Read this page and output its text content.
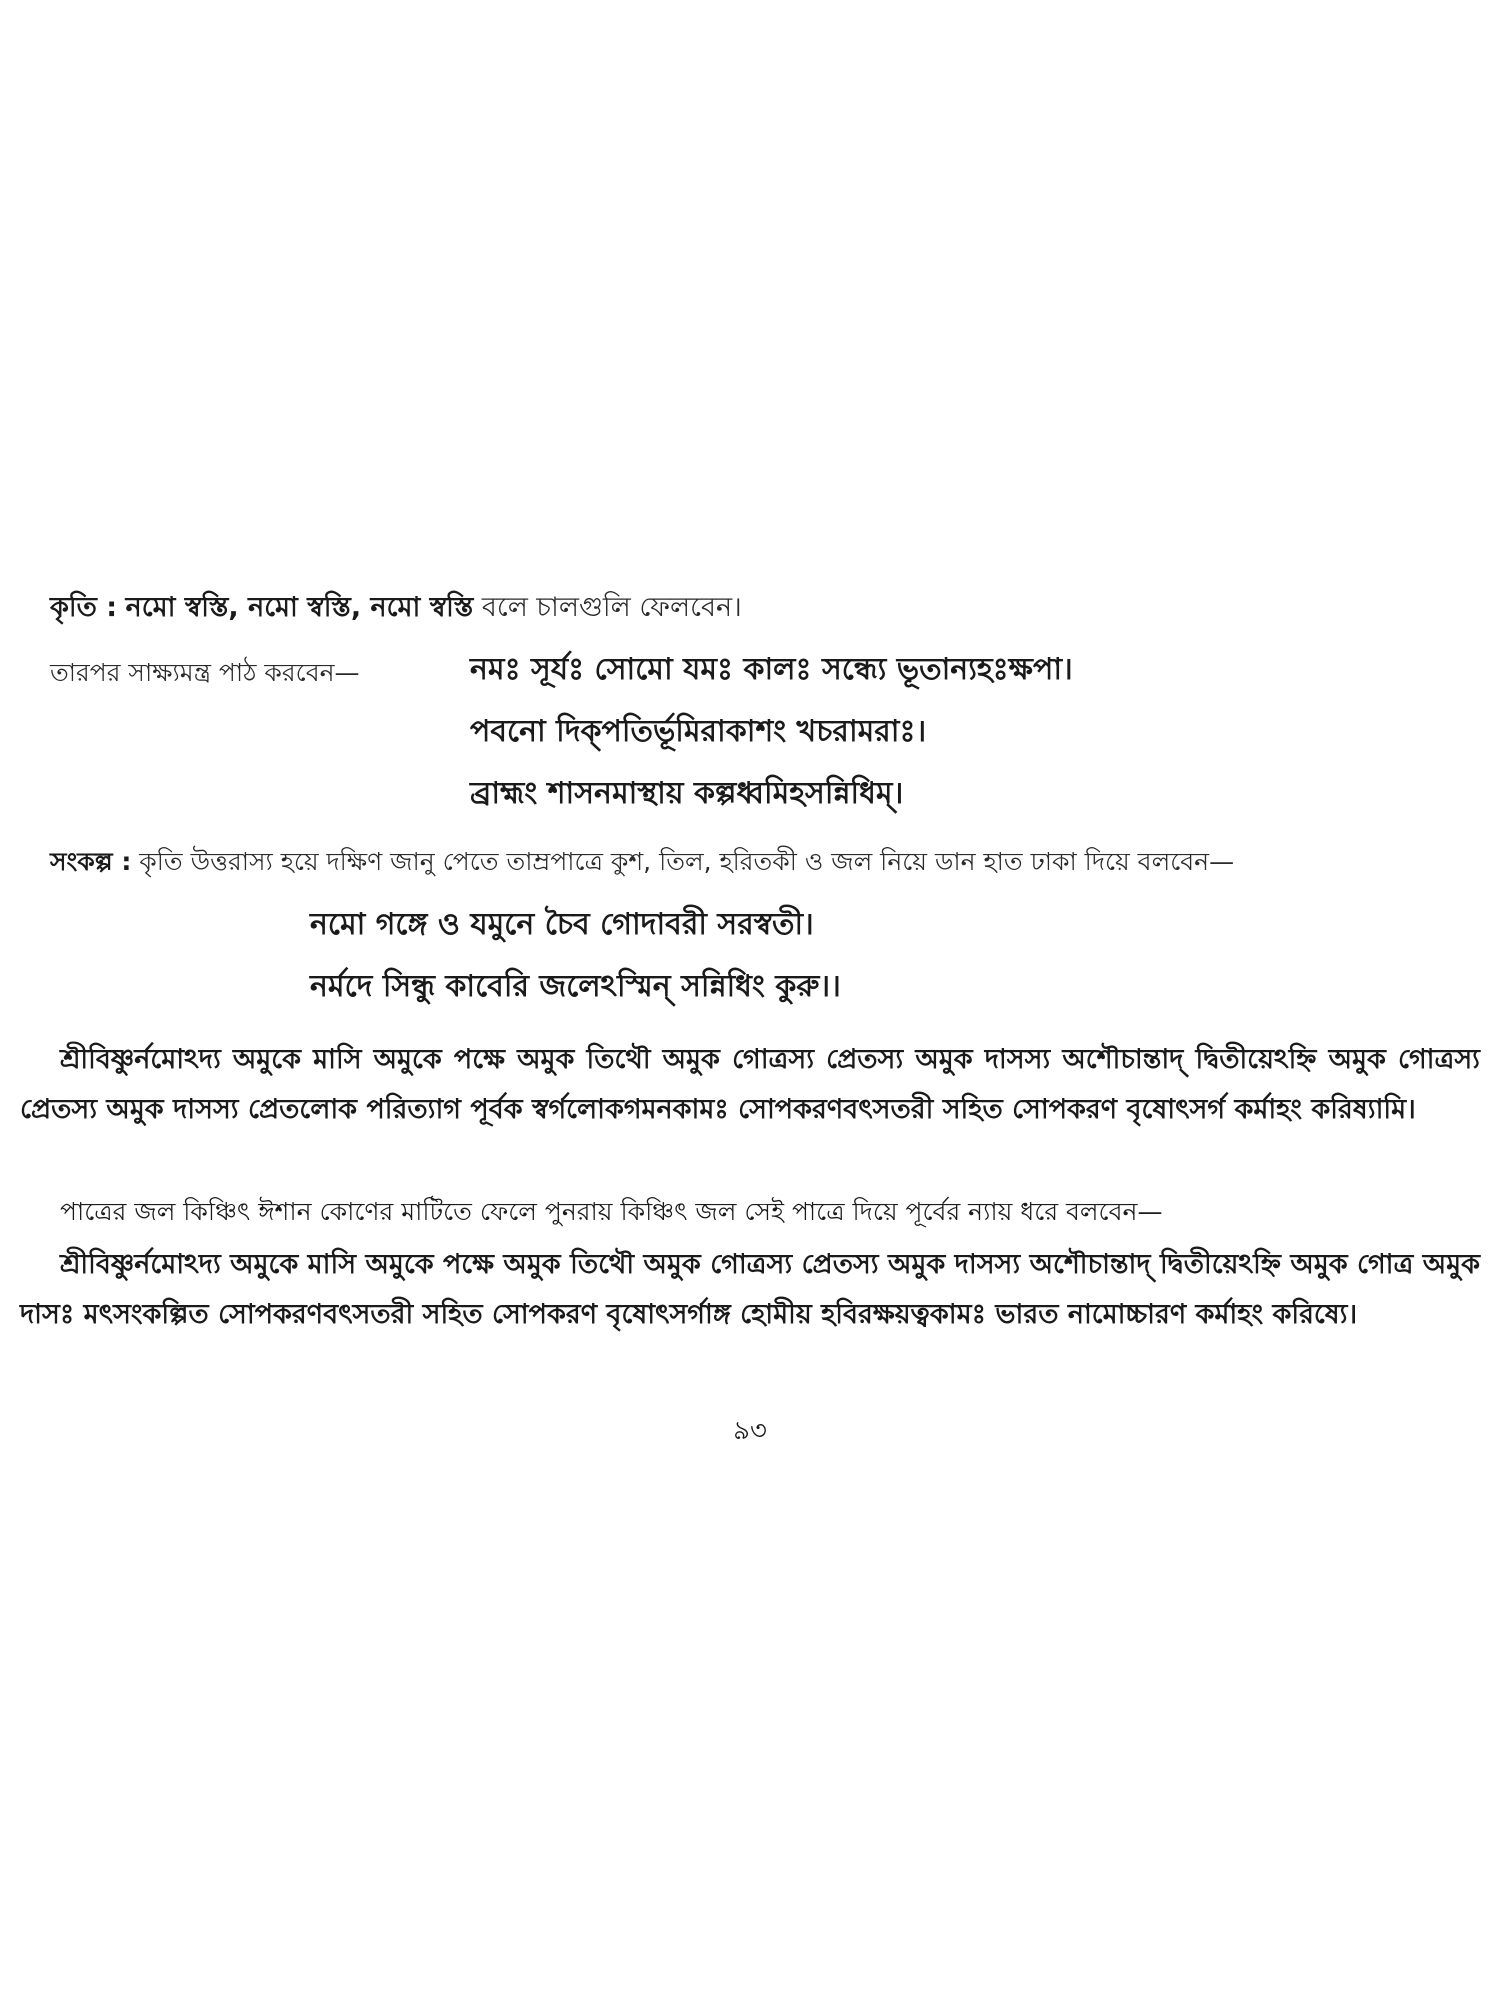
কৃতি : নমো স্বস্তি, নমো স্বস্তি, নমো স্বস্তি বলে চালগুলি ফেলবেন।
তারপর সাক্ষ্যমন্ত্র পাঠ করবেন—	নমঃ সূর্যঃ সোমো যমঃ কালঃ সন্ধ্যে ভূতান্যহঃক্ষপা।
পবনো দিক্‌পতির্ভূমিরাকাশং খচরামরাঃ।
ব্রাহ্মং শাসনমাস্থায় কল্পধ্বমিহসন্নিধিম্‌।
সংকল্প : কৃতি উত্তরাস্য হয়ে দক্ষিণ জানু পেতে তাম্রপাত্রে কুশ, তিল, হরিতকী ও জল নিয়ে ডান হাত ঢাকা দিয়ে বলবেন—
নমো গঙ্গে ও যমুনে চৈব গোদাবরী সরস্বতী।
নর্মদে সিন্ধু কাবেরি জলেঽস্মিন্‌ সন্নিধিং কুরু।।
শ্রীবিষ্ণুর্নমোঽদ্য অমুকে মাসি অমুকে পক্ষে অমুক তিথৌ অমুক গোত্রস্য প্রেতস্য অমুক দাসস্য অশৌচান্তাদ্‌ দ্বিতীয়েঽহ্নি অমুক গোত্রস্য প্রেতস্য অমুক দাসস্য প্রেতলোক পরিত্যাগ পূর্বক স্বর্গলোকগমনকামঃ সোপকরণবৎসতরী সহিত সোপকরণ বৃষোৎসর্গ কর্মাহং করিষ্যামি।
পাত্রের জল কিঞ্চিৎ ঈশান কোণের মাটিতে ফেলে পুনরায় কিঞ্চিৎ জল সেই পাত্রে দিয়ে পূর্বের ন্যায় ধরে বলবেন—
শ্রীবিষ্ণুর্নমোঽদ্য অমুকে মাসি অমুকে পক্ষে অমুক তিথৌ অমুক গোত্রস্য প্রেতস্য অমুক দাসস্য অশৌচান্তাদ্‌ দ্বিতীয়েঽহ্নি অমুক গোত্র অমুক দাসঃ মৎসংকল্পিত সোপকরণবৎসতরী সহিত সোপকরণ বৃষোৎসর্গাঙ্গ হোমীয় হবিরক্ষয়ত্বকামঃ ভারত নামোচ্চারণ কর্মাহং করিষ্যে।
৯৩
